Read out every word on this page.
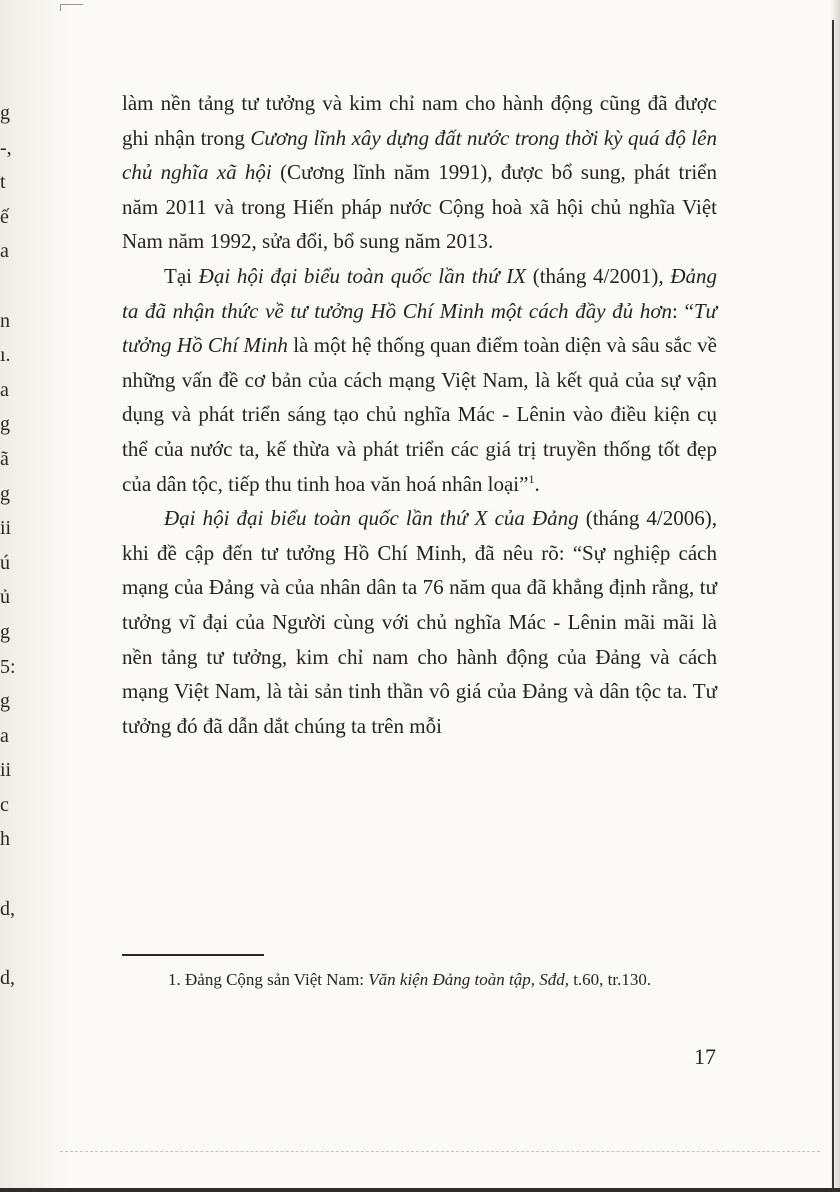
g
-,
t
ế
a
n
ı.
a
g
ã
g
ii
ú
ủ
g
5:
g
a
ii
c
h
d,
d,

làm nền tảng tư tưởng và kim chỉ nam cho hành động cũng đã được ghi nhận trong Cương lĩnh xây dựng đất nước trong thời kỳ quá độ lên chủ nghĩa xã hội (Cương lĩnh năm 1991), được bổ sung, phát triển năm 2011 và trong Hiến pháp nước Cộng hoà xã hội chủ nghĩa Việt Nam năm 1992, sửa đổi, bổ sung năm 2013.

Tại Đại hội đại biểu toàn quốc lần thứ IX (tháng 4/2001), Đảng ta đã nhận thức về tư tưởng Hồ Chí Minh một cách đầy đủ hơn: “Tư tưởng Hồ Chí Minh là một hệ thống quan điểm toàn diện và sâu sắc về những vấn đề cơ bản của cách mạng Việt Nam, là kết quả của sự vận dụng và phát triển sáng tạo chủ nghĩa Mác - Lênin vào điều kiện cụ thể của nước ta, kế thừa và phát triển các giá trị truyền thống tốt đẹp của dân tộc, tiếp thu tinh hoa văn hoá nhân loại”$^1$.

Đại hội đại biểu toàn quốc lần thứ X của Đảng (tháng 4/2006), khi đề cập đến tư tưởng Hồ Chí Minh, đã nêu rõ: “Sự nghiệp cách mạng của Đảng và của nhân dân ta 76 năm qua đã khẳng định rằng, tư tưởng vĩ đại của Người cùng với chủ nghĩa Mác - Lênin mãi mãi là nền tảng tư tưởng, kim chỉ nam cho hành động của Đảng và cách mạng Việt Nam, là tài sản tinh thần vô giá của Đảng và dân tộc ta. Tư tưởng đó đã dẫn dắt chúng ta trên mỗi

1. Đảng Cộng sản Việt Nam: Văn kiện Đảng toàn tập, Sđd, t.60, tr.130.
17
